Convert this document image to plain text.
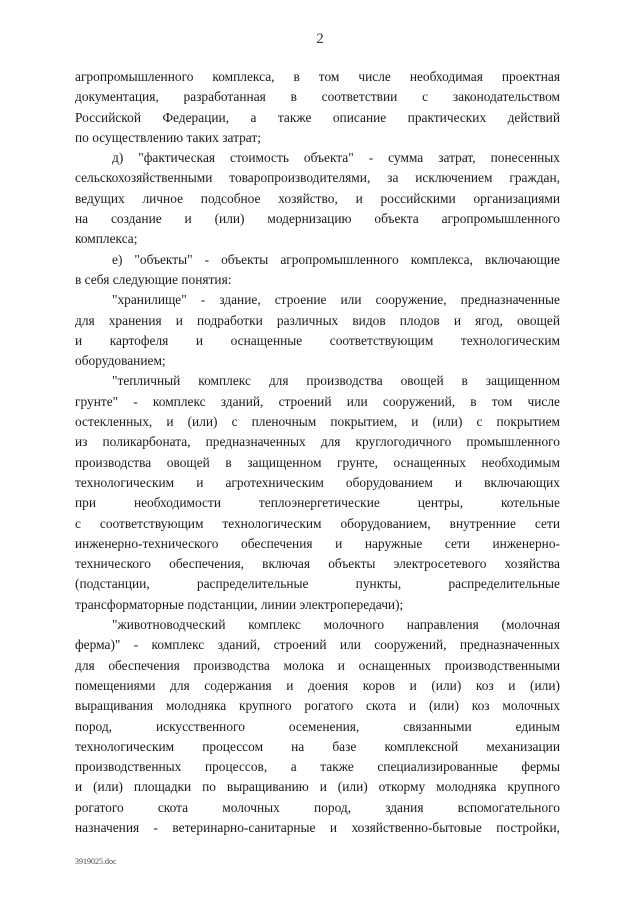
2
агропромышленного комплекса, в том числе необходимая проектная
документация, разработанная в соответствии с законодательством
Российской Федерации, а также описание практических действий
по осуществлению таких затрат;
д) "фактическая стоимость объекта" - сумма затрат, понесенных
сельскохозяйственными товаропроизводителями, за исключением граждан,
ведущих личное подсобное хозяйство, и российскими организациями
на создание и (или) модернизацию объекта агропромышленного
комплекса;
е) "объекты" - объекты агропромышленного комплекса, включающие
в себя следующие понятия:
"хранилище" - здание, строение или сооружение, предназначенные
для хранения и подработки различных видов плодов и ягод, овощей
и картофеля и оснащенные соответствующим технологическим
оборудованием;
"тепличный комплекс для производства овощей в защищенном
грунте" - комплекс зданий, строений или сооружений, в том числе
остекленных, и (или) с пленочным покрытием, и (или) с покрытием
из поликарбоната, предназначенных для круглогодичного промышленного
производства овощей в защищенном грунте, оснащенных необходимым
технологическим и агротехническим оборудованием и включающих
при необходимости теплоэнергетические центры, котельные
с соответствующим технологическим оборудованием, внутренние сети
инженерно-технического обеспечения и наружные сети инженерно-
технического обеспечения, включая объекты электросетевого хозяйства
(подстанции, распределительные пункты, распределительные
трансформаторные подстанции, линии электропередачи);
"животноводческий комплекс молочного направления (молочная
ферма)" - комплекс зданий, строений или сооружений, предназначенных
для обеспечения производства молока и оснащенных производственными
помещениями для содержания и доения коров и (или) коз и (или)
выращивания молодняка крупного рогатого скота и (или) коз молочных
пород, искусственного осеменения, связанными единым
технологическим процессом на базе комплексной механизации
производственных процессов, а также специализированные фермы
и (или) площадки по выращиванию и (или) откорму молодняка крупного
рогатого скота молочных пород, здания вспомогательного
назначения - ветеринарно-санитарные и хозяйственно-бытовые постройки,
3919025.doc
